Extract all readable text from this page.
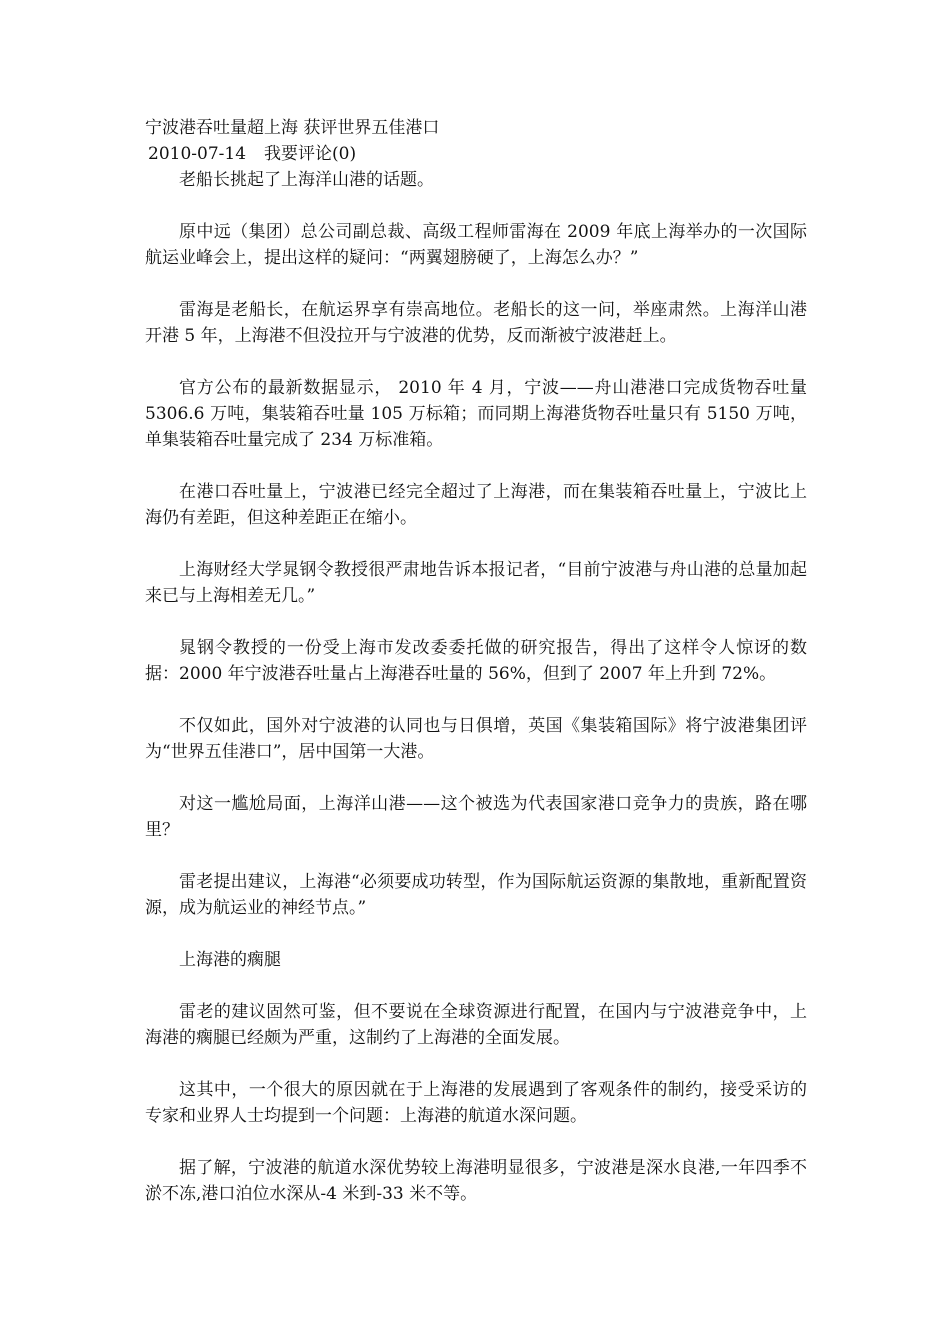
宁波港吞吐量超上海 获评世界五佳港口
2010-07-14 我要评论(0)

老船长挑起了上海洋山港的话题。

原中远（集团）总公司副总裁、高级工程师雷海在 2009 年底上海举办的一次国际航运业峰会上，提出这样的疑问：“两翼翅膀硬了，上海怎么办？”

雷海是老船长，在航运界享有崇高地位。老船长的这一问，举座肃然。上海洋山港开港 5 年，上海港不但没拉开与宁波港的优势，反而渐被宁波港赶上。

官方公布的最新数据显示， 2010 年 4 月，宁波——舟山港港口完成货物吞吐量 5306.6 万吨，集装箱吞吐量 105 万标箱；而同期上海港货物吞吐量只有 5150 万吨，单集装箱吞吐量完成了 234 万标准箱。

在港口吞吐量上，宁波港已经完全超过了上海港，而在集装箱吞吐量上，宁波比上海仍有差距，但这种差距正在缩小。

上海财经大学晁钢令教授很严肃地告诉本报记者，“目前宁波港与舟山港的总量加起来已与上海相差无几。”

晁钢令教授的一份受上海市发改委委托做的研究报告，得出了这样令人惊讶的数据：2000 年宁波港吞吐量占上海港吞吐量的 56%，但到了 2007 年上升到 72%。

不仅如此，国外对宁波港的认同也与日俱增，英国《集装箱国际》将宁波港集团评为“世界五佳港口”，居中国第一大港。

对这一尴尬局面，上海洋山港——这个被选为代表国家港口竞争力的贵族，路在哪里？

雷老提出建议，上海港“必须要成功转型，作为国际航运资源的集散地，重新配置资源，成为航运业的神经节点。”

上海港的瘸腿

雷老的建议固然可鉴，但不要说在全球资源进行配置，在国内与宁波港竞争中，上海港的瘸腿已经颇为严重，这制约了上海港的全面发展。

这其中，一个很大的原因就在于上海港的发展遇到了客观条件的制约，接受采访的专家和业界人士均提到一个问题：上海港的航道水深问题。

据了解，宁波港的航道水深优势较上海港明显很多，宁波港是深水良港,一年四季不淤不冻,港口泊位水深从-4 米到-33 米不等。
